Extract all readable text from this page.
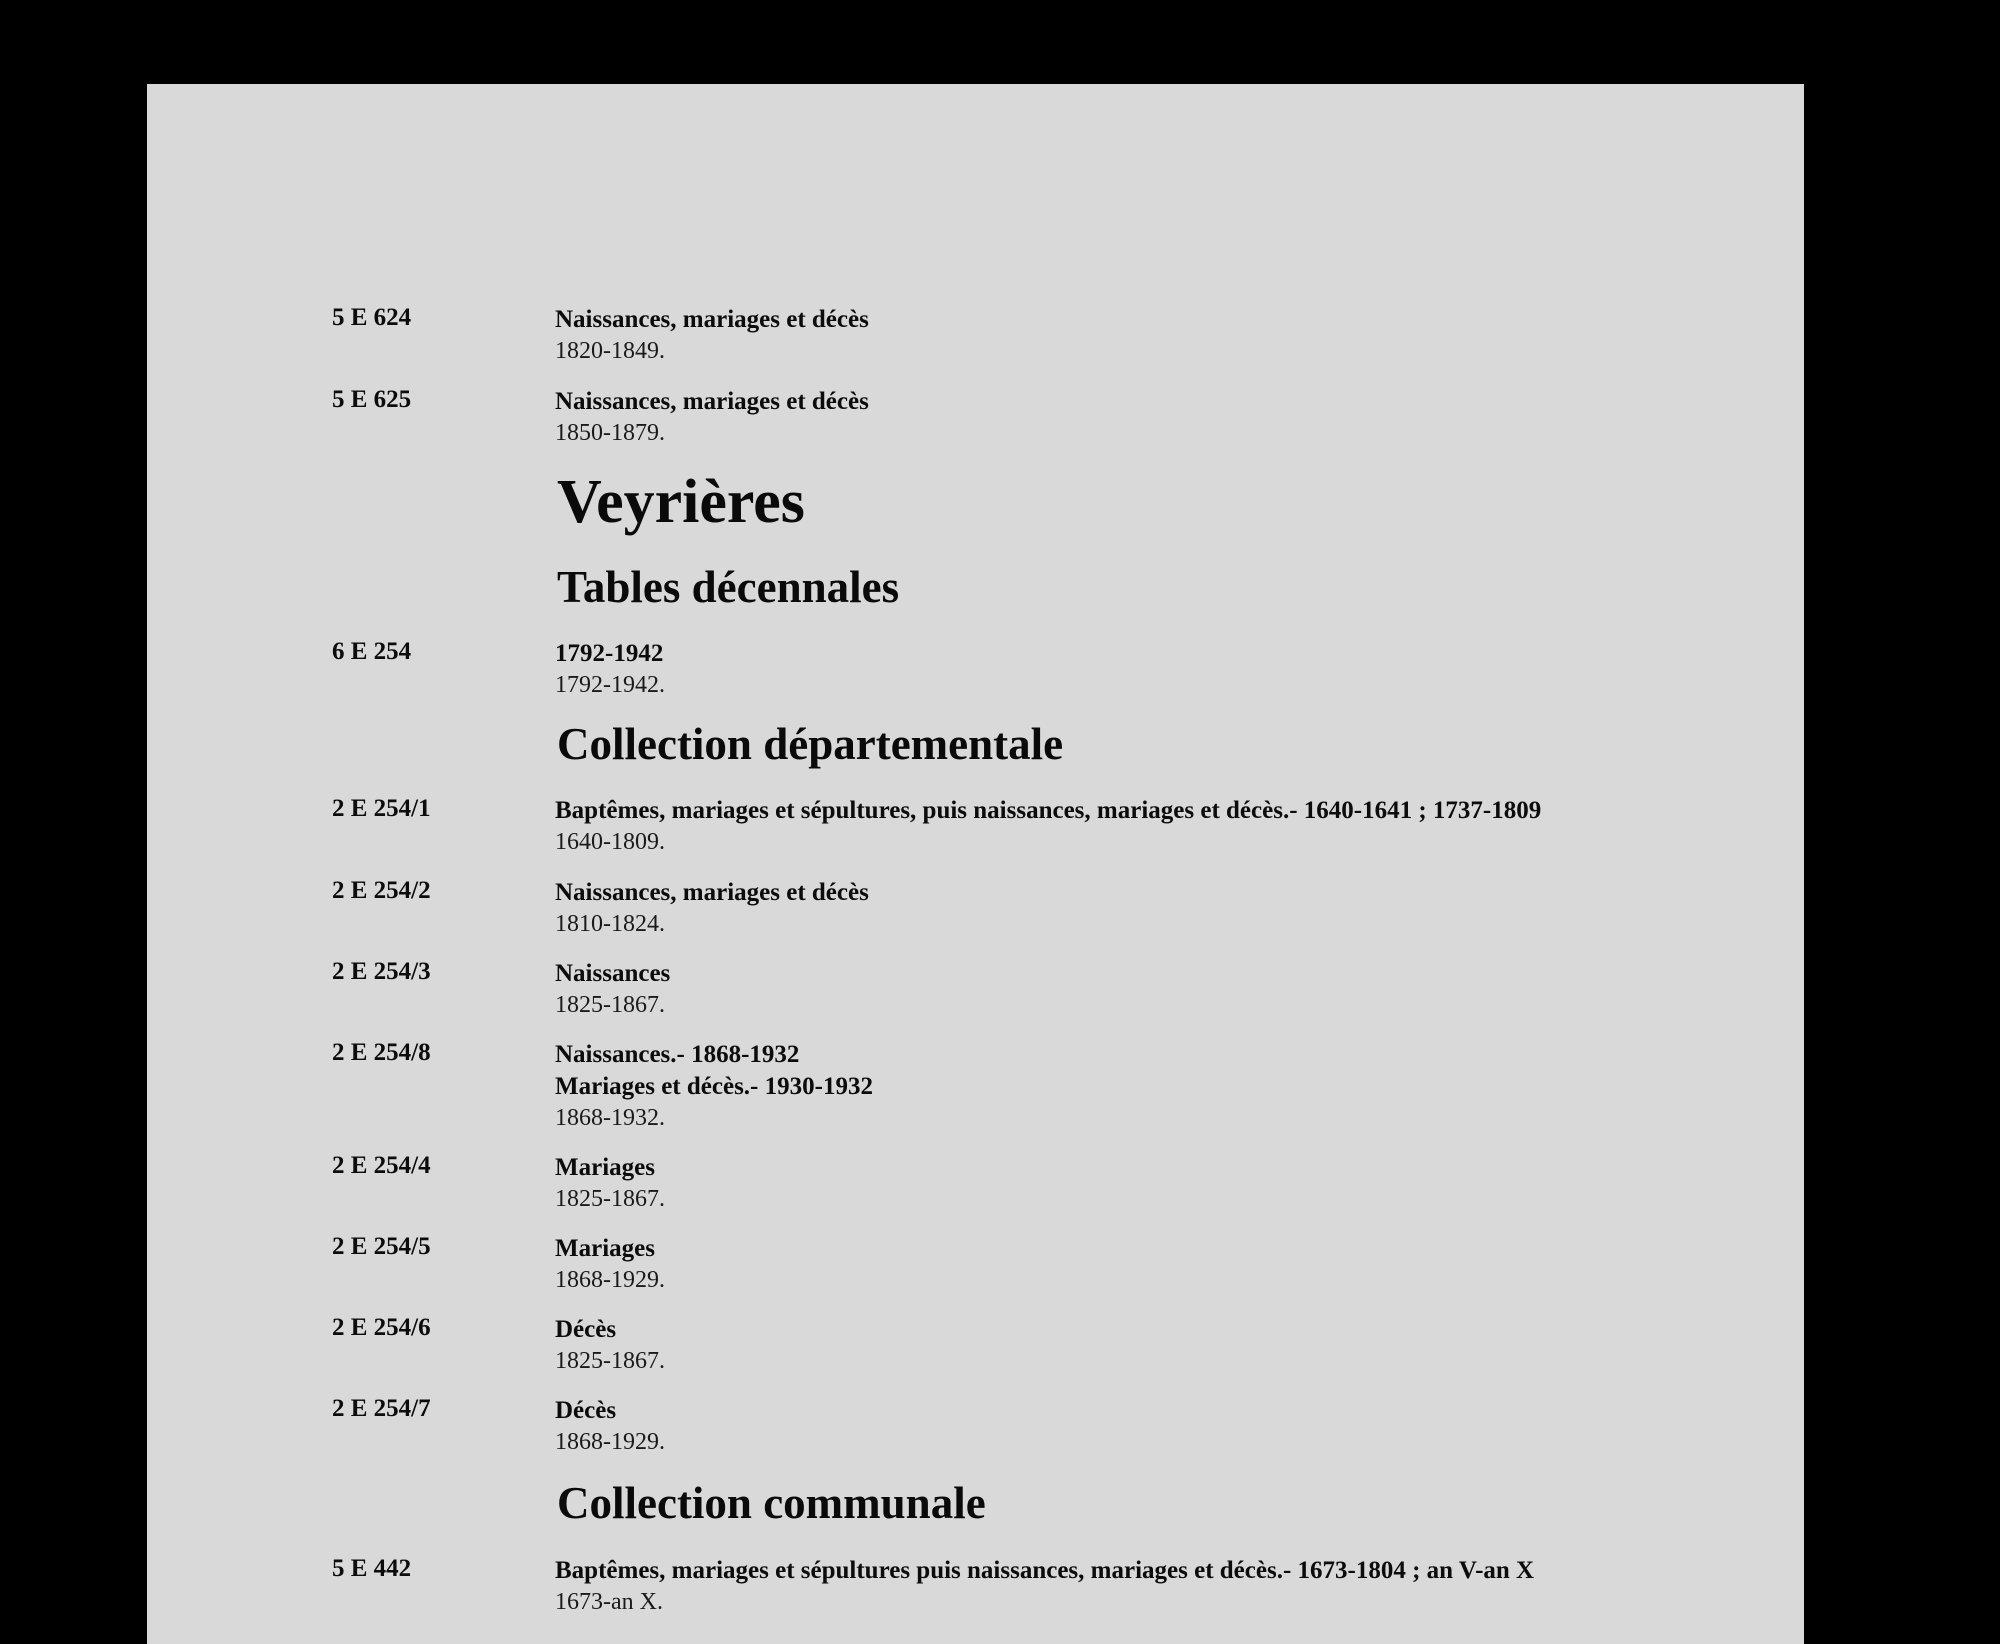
5 E 624	Naissances, mariages et décès
1820-1849.
5 E 625	Naissances, mariages et décès
1850-1879.
Veyrières
Tables décennales
6 E 254	1792-1942
1792-1942.
Collection départementale
2 E 254/1	Baptêmes, mariages et sépultures, puis naissances, mariages et décès.- 1640-1641 ; 1737-1809
1640-1809.
2 E 254/2	Naissances, mariages et décès
1810-1824.
2 E 254/3	Naissances
1825-1867.
2 E 254/8	Naissances.- 1868-1932
Mariages et décès.- 1930-1932
1868-1932.
2 E 254/4	Mariages
1825-1867.
2 E 254/5	Mariages
1868-1929.
2 E 254/6	Décès
1825-1867.
2 E 254/7	Décès
1868-1929.
Collection communale
5 E 442	Baptêmes, mariages et sépultures puis naissances, mariages et décès.- 1673-1804 ; an V-an X
1673-an X.
